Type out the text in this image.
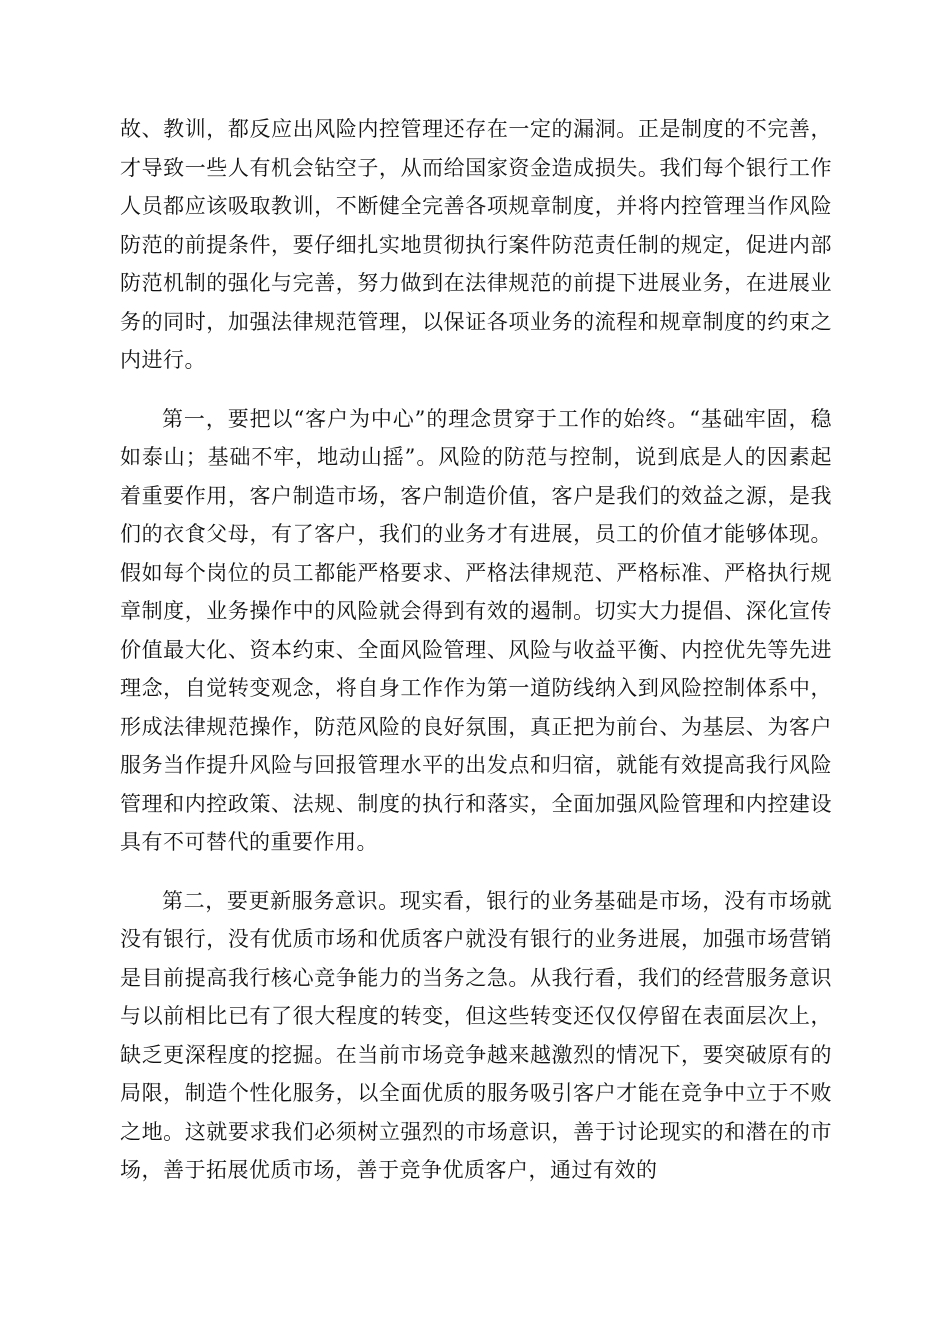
故、教训，都反应出风险内控管理还存在一定的漏洞。正是制度的不完善，才导致一些人有机会钻空子，从而给国家资金造成损失。我们每个银行工作人员都应该吸取教训，不断健全完善各项规章制度，并将内控管理当作风险防范的前提条件，要仔细扎实地贯彻执行案件防范责任制的规定，促进内部防范机制的强化与完善，努力做到在法律规范的前提下进展业务，在进展业务的同时，加强法律规范管理，以保证各项业务的流程和规章制度的约束之内进行。

第一，要把以“客户为中心”的理念贯穿于工作的始终。“基础牢固，稳如泰山；基础不牢，地动山摇”。风险的防范与控制，说到底是人的因素起着重要作用，客户制造市场，客户制造价值，客户是我们的效益之源，是我们的衣食父母，有了客户，我们的业务才有进展，员工的价值才能够体现。假如每个岗位的员工都能严格要求、严格法律规范、严格标准、严格执行规章制度，业务操作中的风险就会得到有效的遏制。切实大力提倡、深化宣传价值最大化、资本约束、全面风险管理、风险与收益平衡、内控优先等先进理念，自觉转变观念，将自身工作作为第一道防线纳入到风险控制体系中，形成法律规范操作，防范风险的良好氛围，真正把为前台、为基层、为客户服务当作提升风险与回报管理水平的出发点和归宿，就能有效提高我行风险管理和内控政策、法规、制度的执行和落实，全面加强风险管理和内控建设具有不可替代的重要作用。

第二，要更新服务意识。现实看，银行的业务基础是市场，没有市场就没有银行，没有优质市场和优质客户就没有银行的业务进展，加强市场营销是目前提高我行核心竞争能力的当务之急。从我行看，我们的经营服务意识与以前相比已有了很大程度的转变，但这些转变还仅仅停留在表面层次上，缺乏更深程度的挖掘。在当前市场竞争越来越激烈的情况下，要突破原有的局限，制造个性化服务，以全面优质的服务吸引客户才能在竞争中立于不败之地。这就要求我们必须树立强烈的市场意识，善于讨论现实的和潜在的市场，善于拓展优质市场，善于竞争优质客户，通过有效的
